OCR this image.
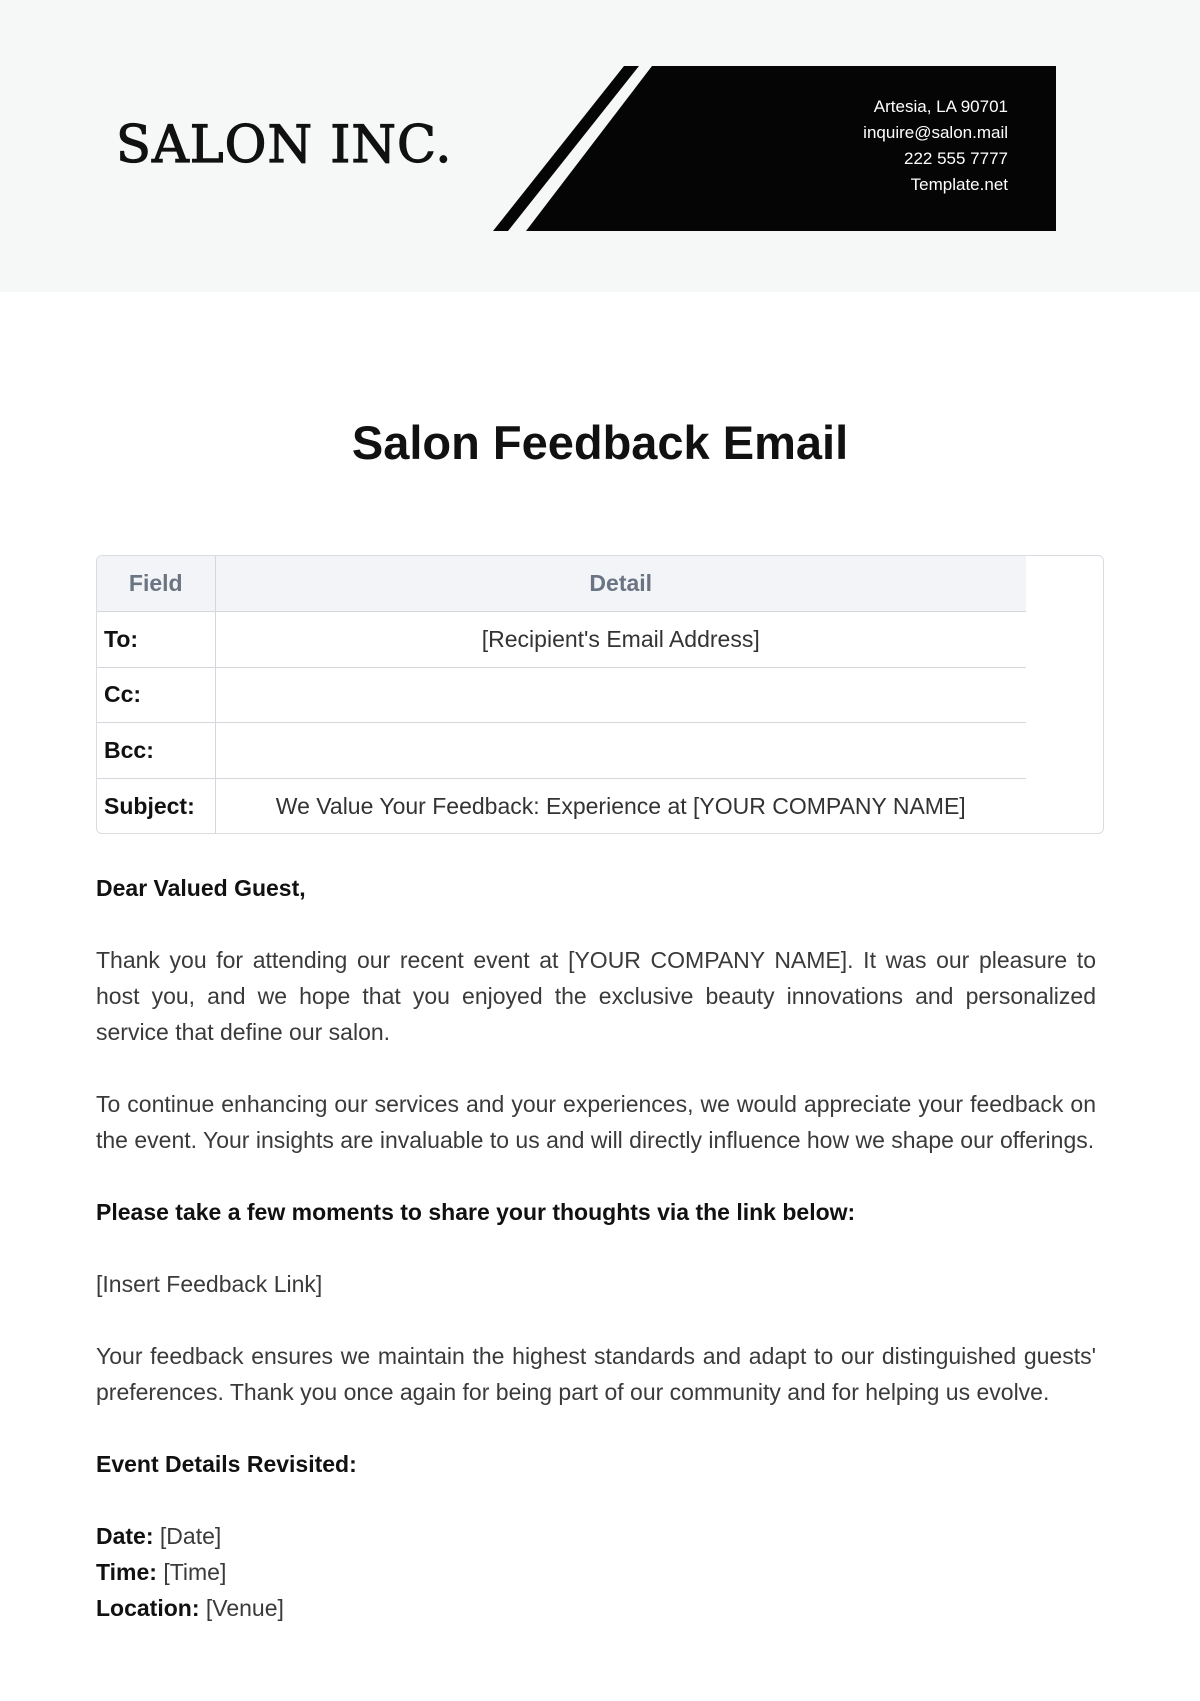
SALON INC.
Artesia, LA 90701
inquire@salon.mail
222 555 7777
Template.net
Salon Feedback Email
Field	Detail
To:	[Recipient's Email Address]
Cc:	
Bcc:	
Subject:	We Value Your Feedback: Experience at [YOUR COMPANY NAME]

Dear Valued Guest,

Thank you for attending our recent event at [YOUR COMPANY NAME]. It was our pleasure to host you, and we hope that you enjoyed the exclusive beauty innovations and personalized service that define our salon.

To continue enhancing our services and your experiences, we would appreciate your feedback on the event. Your insights are invaluable to us and will directly influence how we shape our offerings.

Please take a few moments to share your thoughts via the link below:

[Insert Feedback Link]

Your feedback ensures we maintain the highest standards and adapt to our distinguished guests' preferences. Thank you once again for being part of our community and for helping us evolve.

Event Details Revisited:

Date: [Date]
Time: [Time]
Location: [Venue]
